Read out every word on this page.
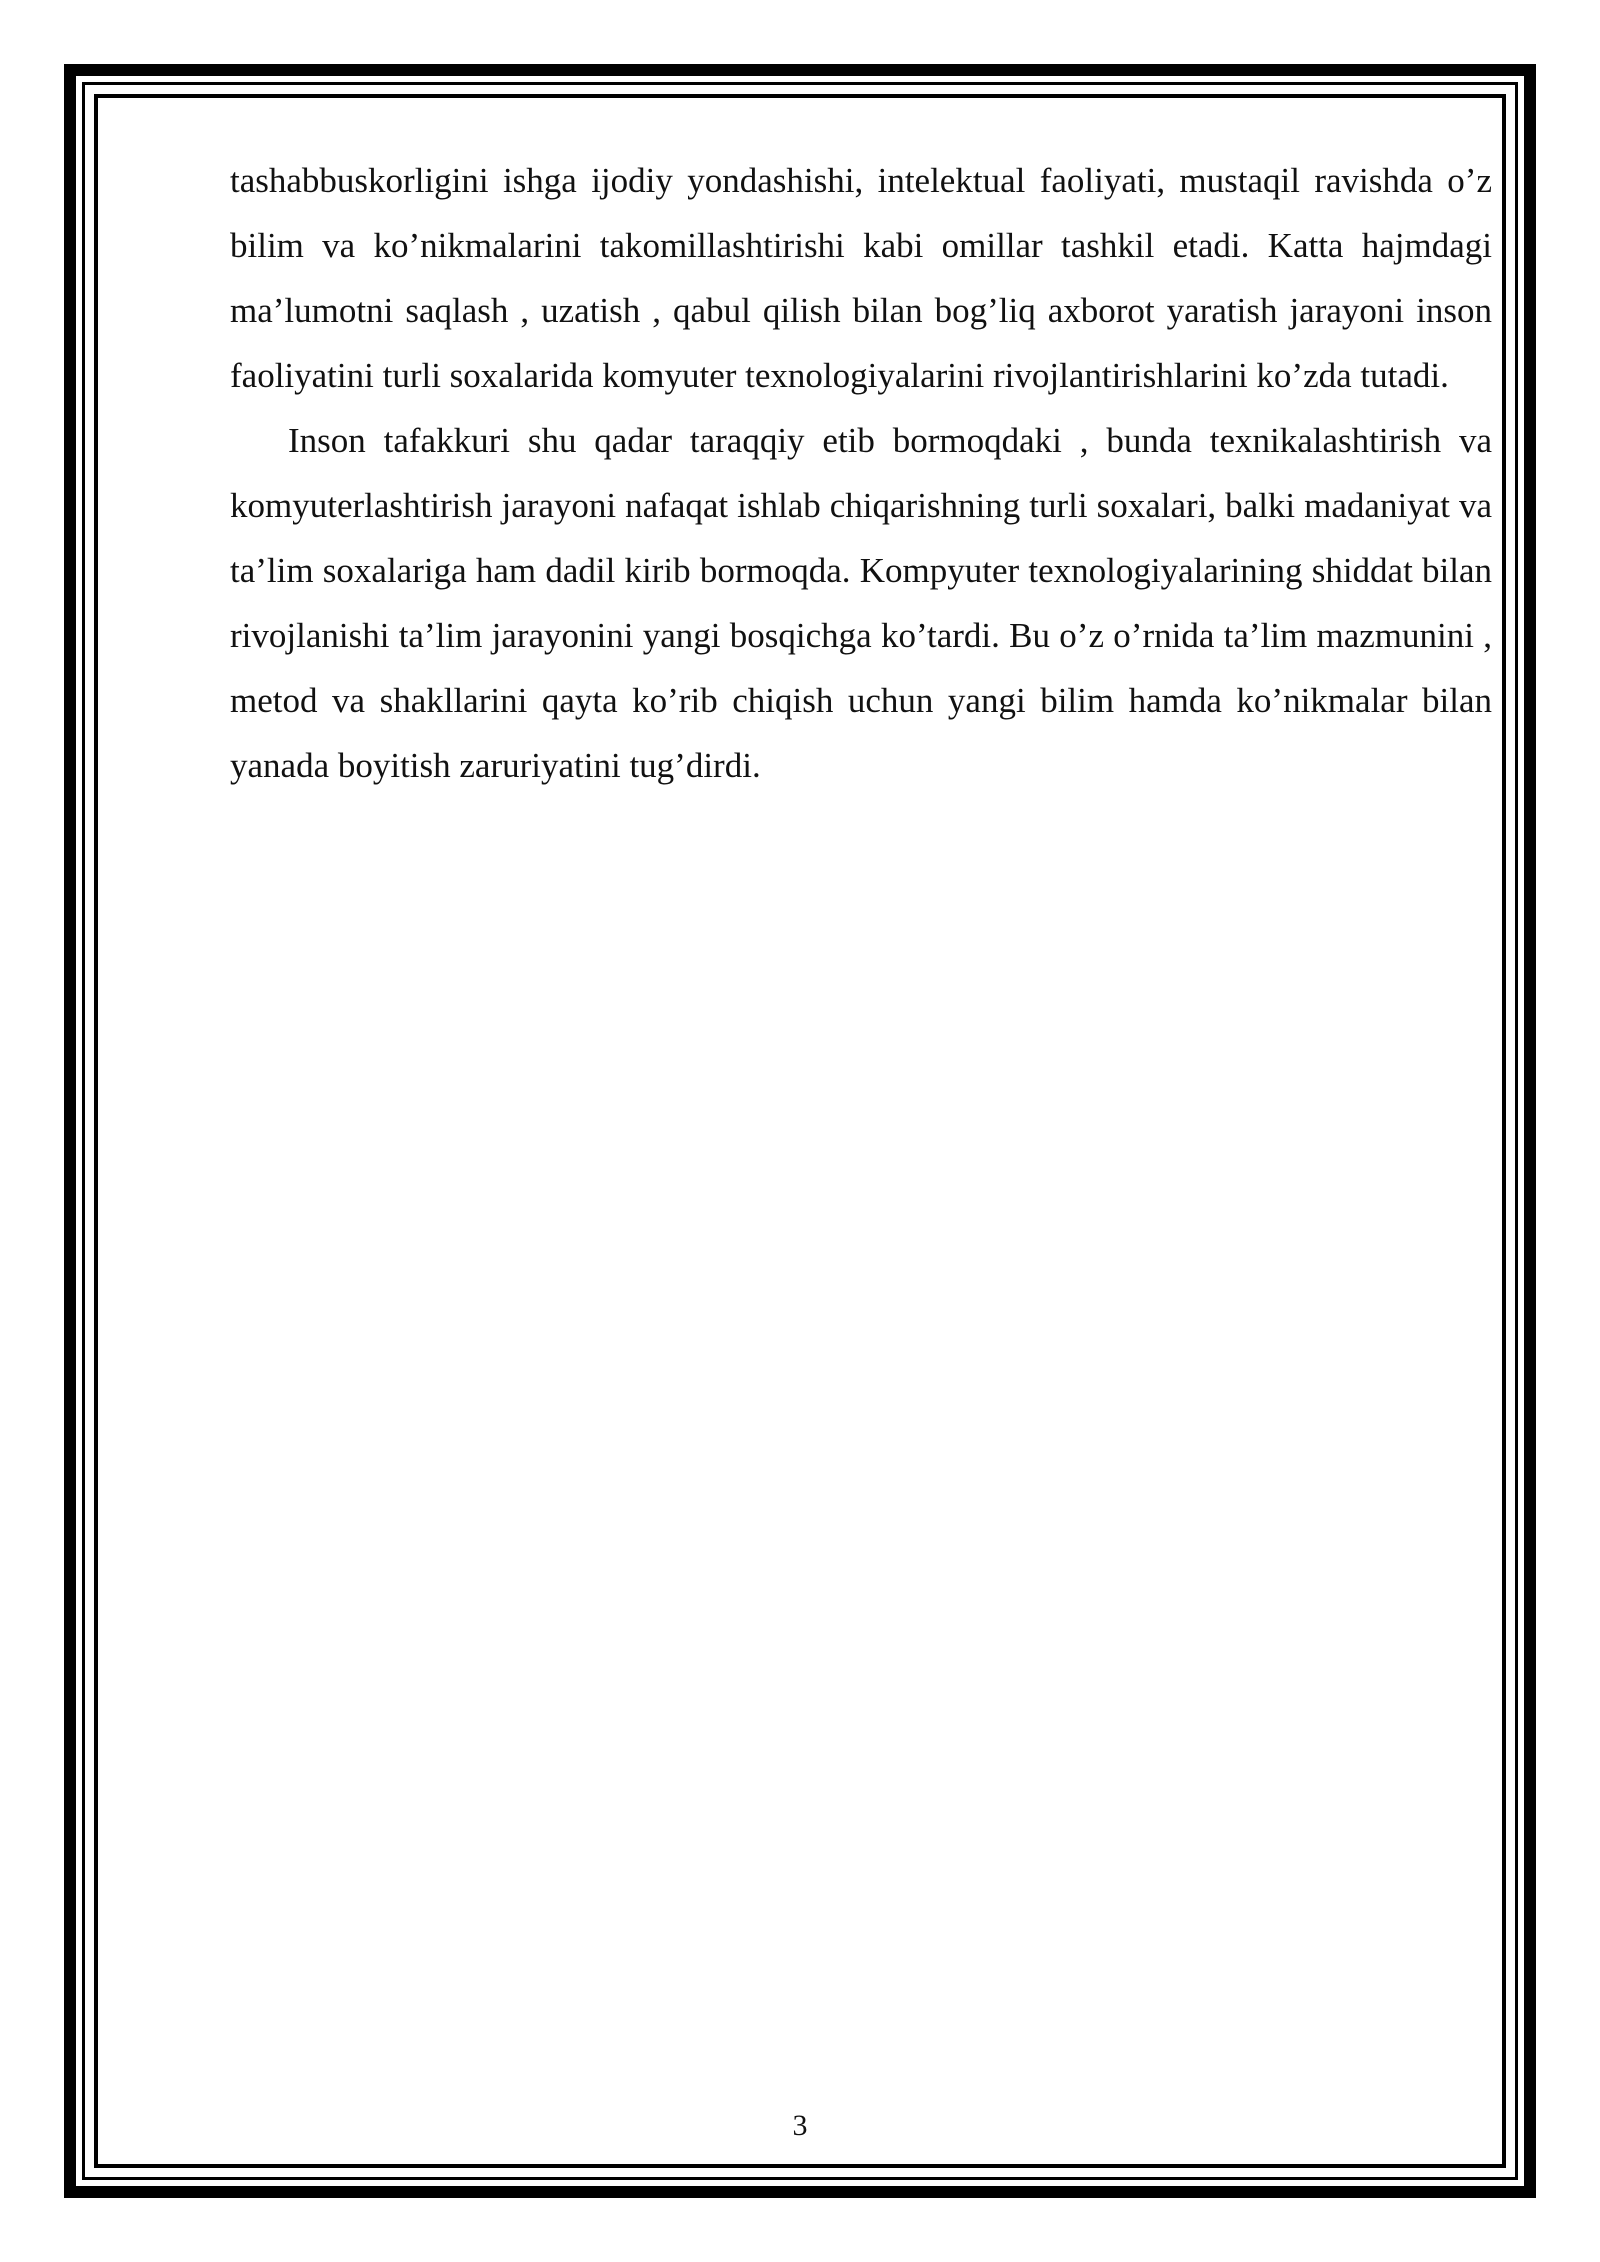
tashabbuskorligini ishga ijodiy yondashishi, intelektual faoliyati, mustaqil ravishda o’z bilim va ko’nikmalarini takomillashtirishi kabi omillar tashkil etadi. Katta hajmdagi ma’lumotni saqlash , uzatish , qabul qilish bilan bog’liq axborot yaratish jarayoni inson faoliyatini turli soxalarida komyuter texnologiyalarini rivojlantirishlarini ko’zda tutadi.

Inson tafakkuri shu qadar taraqqiy etib bormoqdaki , bunda texnikalashtirish va komyuterlashtirish jarayoni nafaqat ishlab chiqarishning turli soxalari, balki madaniyat va ta’lim soxalariga ham dadil kirib bormoqda. Kompyuter texnologiyalarining shiddat bilan rivojlanishi ta’lim jarayonini yangi bosqichga ko’tardi. Bu o’z o’rnida ta’lim mazmunini , metod va shakllarini qayta ko’rib chiqish uchun yangi bilim hamda ko’nikmalar bilan yanada boyitish zaruriyatini tug’dirdi.

3
